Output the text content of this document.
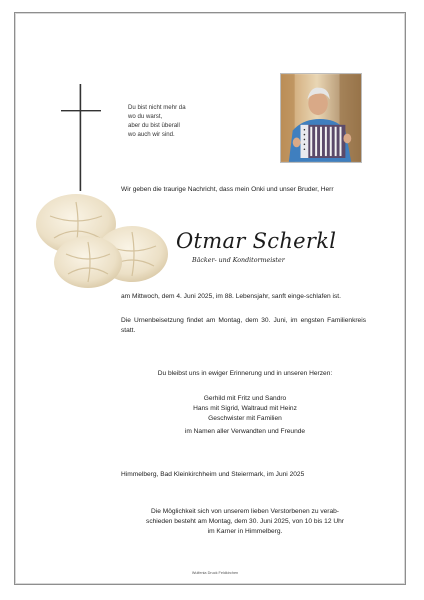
Du bist nicht mehr da
wo du warst,
aber du bist überall
wo auch wir sind.
Wir geben die traurige Nachricht, dass mein Onki und unser Bruder, Herr
Otmar Scherkl
Bäcker- und Konditormeister
am Mittwoch, dem 4. Juni 2025, im 88. Lebensjahr, sanft einge-schlafen ist.
Die Urnenbeisetzung findet am Montag, dem 30. Juni, im engsten Familienkreis statt.
Du bleibst uns in ewiger Erinnerung und in unseren Herzen:
Gerhild mit Fritz und Sandro
Hans mit Sigrid, Waltraud mit Heinz
Geschwister mit Familien
im Namen aller Verwandten und Freunde
Himmelberg, Bad Kleinkirchheim und Steiermark, im Juni 2025
Die Möglichkeit sich von unserem lieben Verstorbenen zu verab-
schieden besteht am Montag, dem 30. Juni 2025, von 10 bis 12 Uhr
im Karner in Himmelberg.
Wulfenia Druck Feldkirchen
